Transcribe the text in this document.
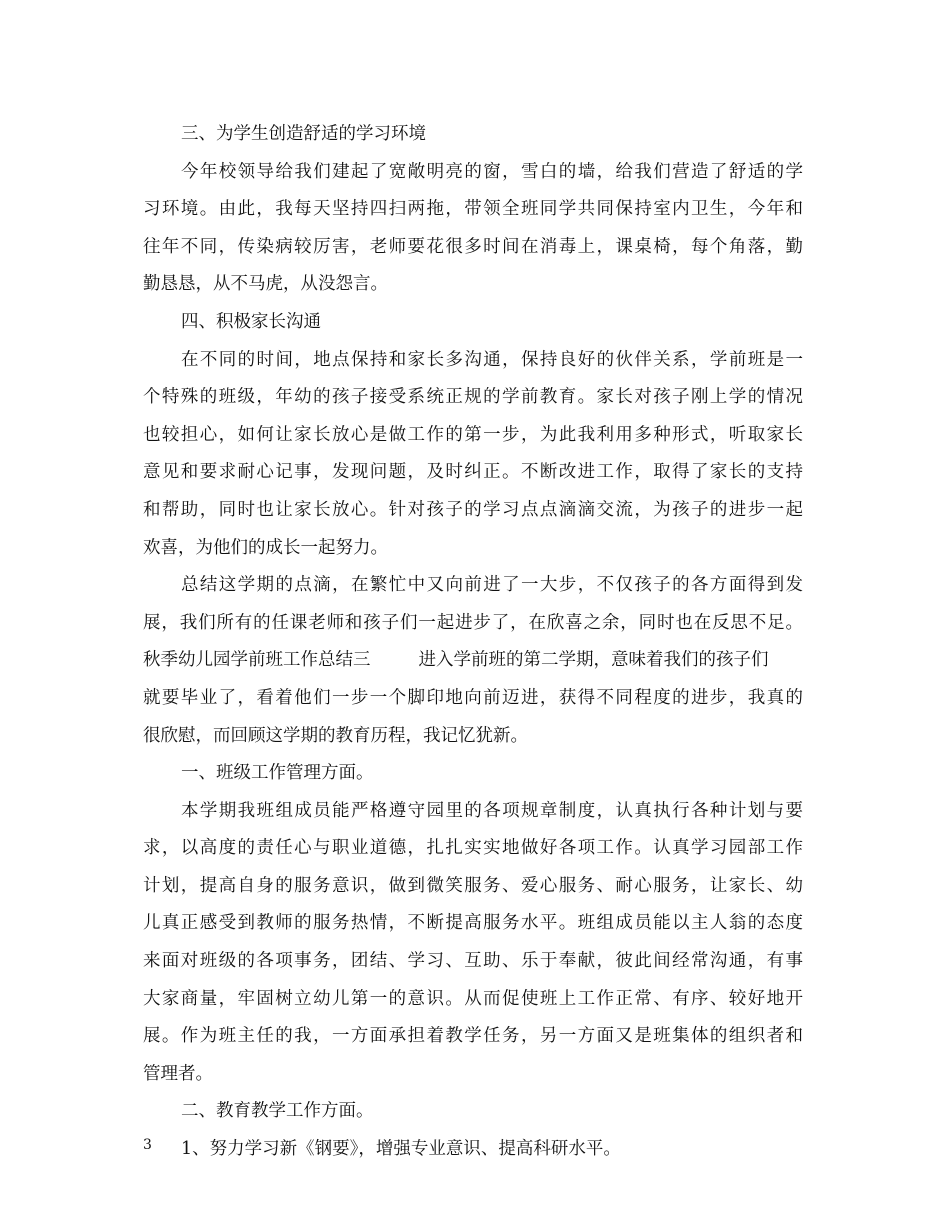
三、为学生创造舒适的学习环境
今年校领导给我们建起了宽敞明亮的窗，雪白的墙，给我们营造了舒适的学
习环境。由此，我每天坚持四扫两拖，带领全班同学共同保持室内卫生，今年和
往年不同，传染病较厉害，老师要花很多时间在消毒上，课桌椅，每个角落，勤
勤恳恳，从不马虎，从没怨言。
四、积极家长沟通
在不同的时间，地点保持和家长多沟通，保持良好的伙伴关系，学前班是一
个特殊的班级，年幼的孩子接受系统正规的学前教育。家长对孩子刚上学的情况
也较担心，如何让家长放心是做工作的第一步，为此我利用多种形式，听取家长
意见和要求耐心记事，发现问题，及时纠正。不断改进工作，取得了家长的支持
和帮助，同时也让家长放心。针对孩子的学习点点滴滴交流，为孩子的进步一起
欢喜，为他们的成长一起努力。
总结这学期的点滴，在繁忙中又向前进了一大步，不仅孩子的各方面得到发
展，我们所有的任课老师和孩子们一起进步了，在欣喜之余，同时也在反思不足。
秋季幼儿园学前班工作总结三	进入学前班的第二学期，意味着我们的孩子们
就要毕业了，看着他们一步一个脚印地向前迈进，获得不同程度的进步，我真的
很欣慰，而回顾这学期的教育历程，我记忆犹新。
一、班级工作管理方面。
本学期我班组成员能严格遵守园里的各项规章制度，认真执行各种计划与要
求，以高度的责任心与职业道德，扎扎实实地做好各项工作。认真学习园部工作
计划，提高自身的服务意识，做到微笑服务、爱心服务、耐心服务，让家长、幼
儿真正感受到教师的服务热情，不断提高服务水平。班组成员能以主人翁的态度
来面对班级的各项事务，团结、学习、互助、乐于奉献，彼此间经常沟通，有事
大家商量，牢固树立幼儿第一的意识。从而促使班上工作正常、有序、较好地开
展。作为班主任的我，一方面承担着教学任务，另一方面又是班集体的组织者和
管理者。
二、教育教学工作方面。
1、努力学习新《钢要》，增强专业意识、提高科研水平。
3
